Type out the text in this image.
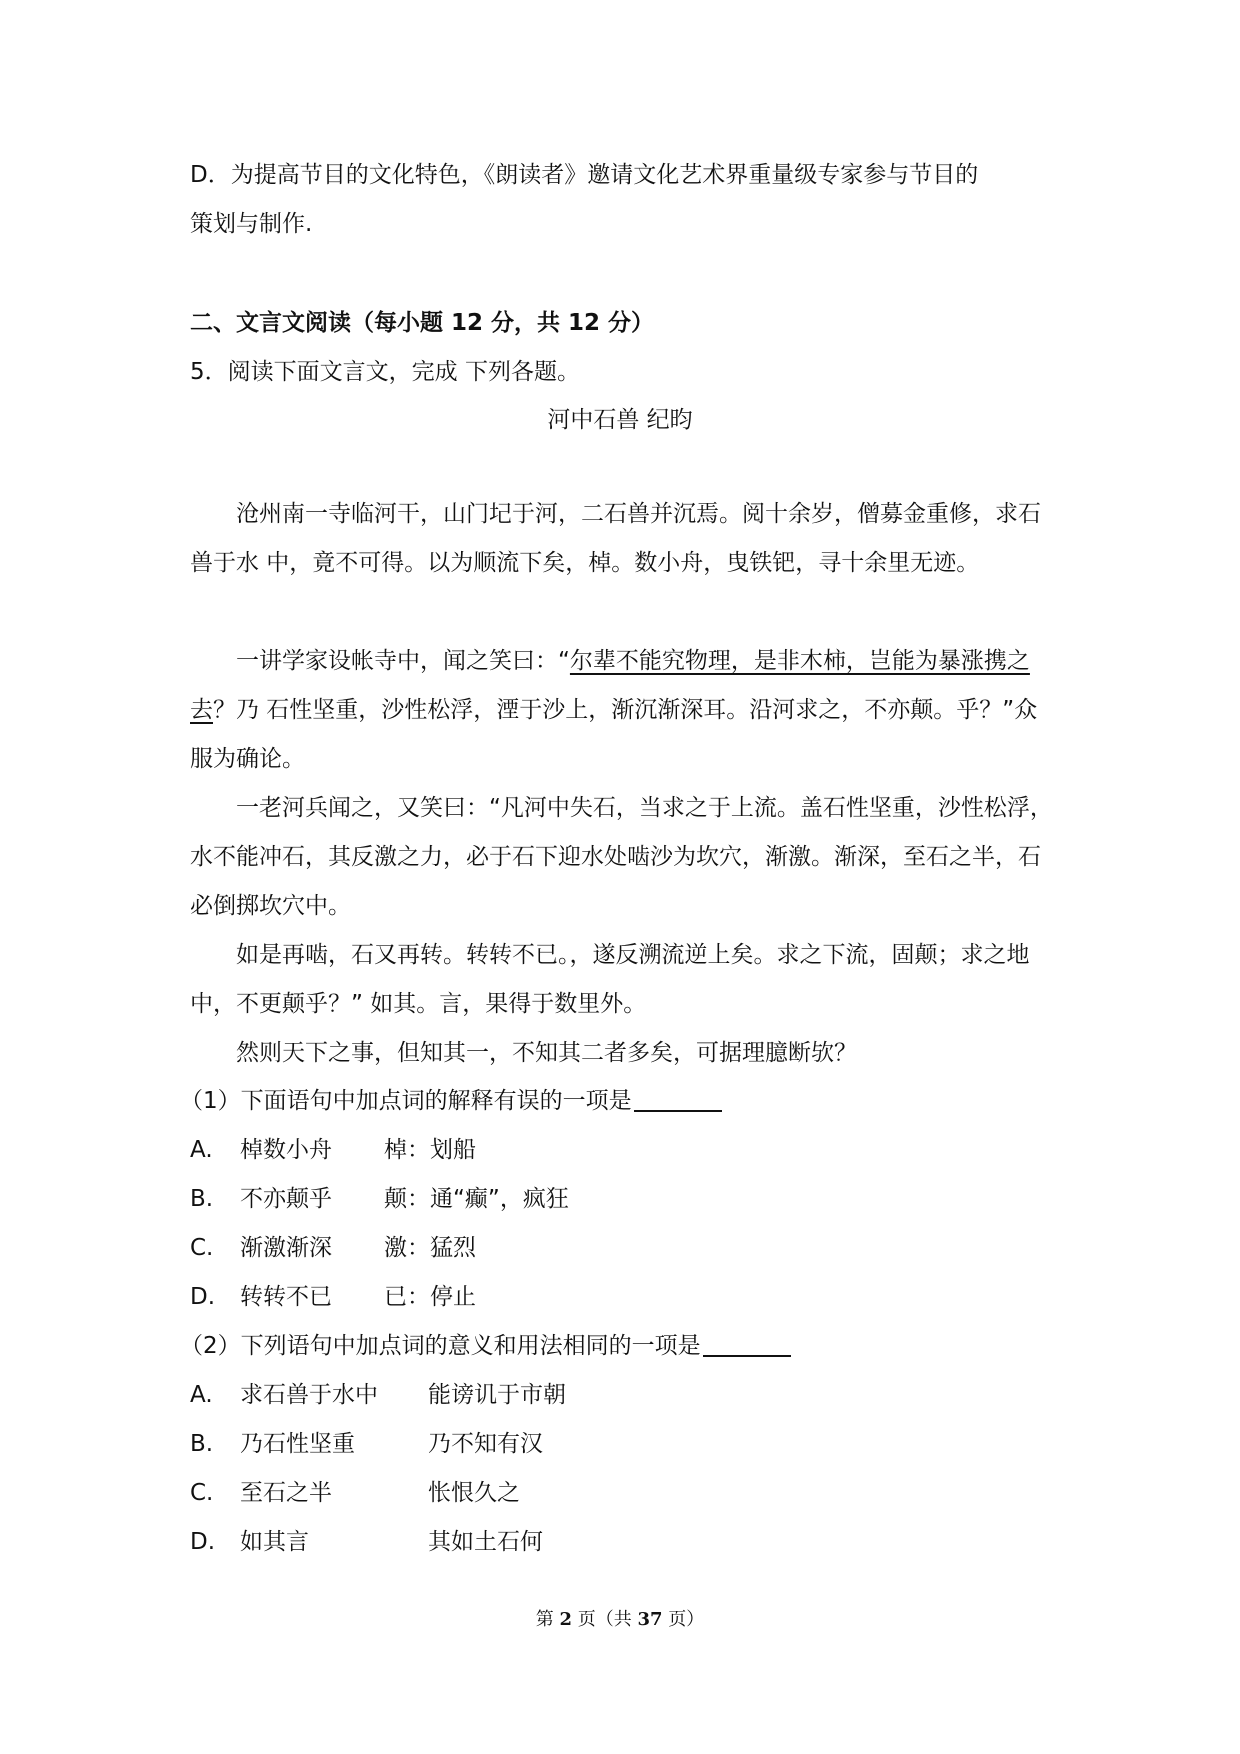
D．为提高节目的文化特色，《朗读者》邀请文化艺术界重量级专家参与节目的
策划与制作.
二、文言文阅读（每小题 12 分，共 12 分）
5．阅读下面文言文，完成 下列各题。
河中石兽 纪昀
沧州南一寺临河干，山门圮于河，二石兽并沉焉。阅十余岁，僧募金重修，求石兽于水 中，竟不可得。以为顺流下矣，棹。数小舟，曳铁钯，寻十余里无迹。
一讲学家设帐寺中，闻之笑曰：“尔辈不能究物理，是非木柿，岂能为暴涨携之去？乃 石性坚重，沙性松浮，湮于沙上，渐沉渐深耳。沿河求之，不亦颠。乎？”众服为确论。
一老河兵闻之，又笑曰：“凡河中失石，当求之于上流。盖石性坚重，沙性松浮，水不能冲石，其反激之力，必于石下迎水处啮沙为坎穴，渐激。渐深，至石之半，石必倒掷坎穴中。
如是再啮，石又再转。转转不已。，遂反溯流逆上矣。求之下流，固颠；求之地中，不更颠乎？” 如其。言，果得于数里外。
然则天下之事，但知其一，不知其二者多矣，可据理臆断欤？
（1）下面语句中加点词的解释有误的一项是
A. 棹数小舟 棹：划船
B. 不亦颠乎 颠：通“癫”，疯狂
C. 渐激渐深 激：猛烈
D. 转转不已 已：停止
（2）下列语句中加点词的意义和用法相同的一项是
A. 求石兽于水中 能谤讥于市朝
B. 乃石性坚重	乃不知有汉
C. 至石之半	怅恨久之
D. 如其言	其如土石何
第 2 页（共 37 页）
